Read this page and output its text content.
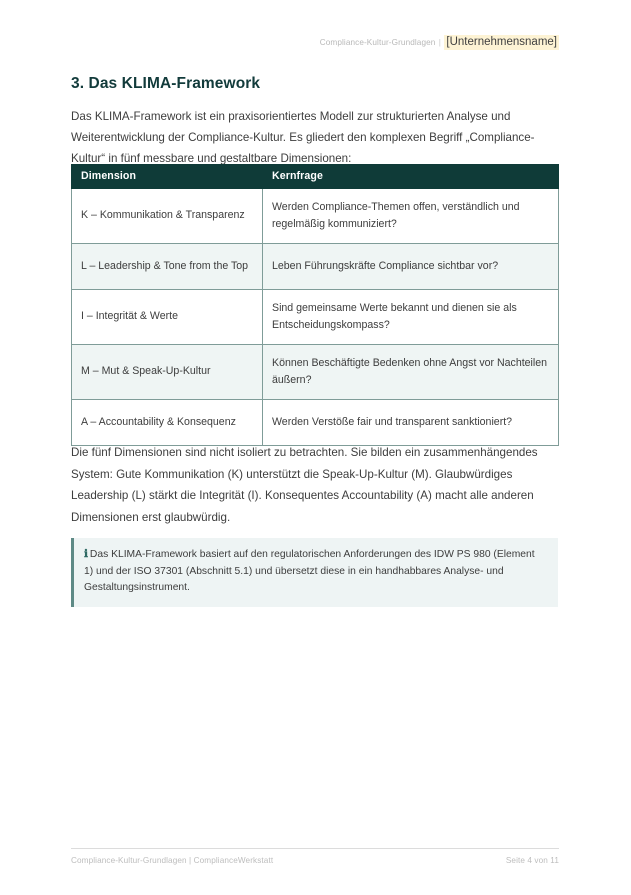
Compliance-Kultur-Grundlagen | [Unternehmensname]
3. Das KLIMA-Framework

Das KLIMA-Framework ist ein praxisorientiertes Modell zur strukturierten Analyse und Weiterentwicklung der Compliance-Kultur. Es gliedert den komplexen Begriff „Compliance-Kultur“ in fünf messbare und gestaltbare Dimensionen:

Dimension	Kernfrage
K – Kommunikation & Transparenz	Werden Compliance-Themen offen, verständlich und regelmäßig kommuniziert?
L – Leadership & Tone from the Top	Leben Führungskräfte Compliance sichtbar vor?
I – Integrität & Werte	Sind gemeinsame Werte bekannt und dienen sie als Entscheidungskompass?
M – Mut & Speak-Up-Kultur	Können Beschäftigte Bedenken ohne Angst vor Nachteilen äußern?
A – Accountability & Konsequenz	Werden Verstöße fair und transparent sanktioniert?

Die fünf Dimensionen sind nicht isoliert zu betrachten. Sie bilden ein zusammenhängendes System: Gute Kommunikation (K) unterstützt die Speak-Up-Kultur (M). Glaubwürdiges Leadership (L) stärkt die Integrität (I). Konsequentes Accountability (A) macht alle anderen Dimensionen erst glaubwürdig.

ℹ Das KLIMA-Framework basiert auf den regulatorischen Anforderungen des IDW PS 980 (Element 1) und der ISO 37301 (Abschnitt 5.1) und übersetzt diese in ein handhabbares Analyse- und Gestaltungsinstrument.
Compliance-Kultur-Grundlagen | ComplianceWerkstatt	Seite 4 von 11
